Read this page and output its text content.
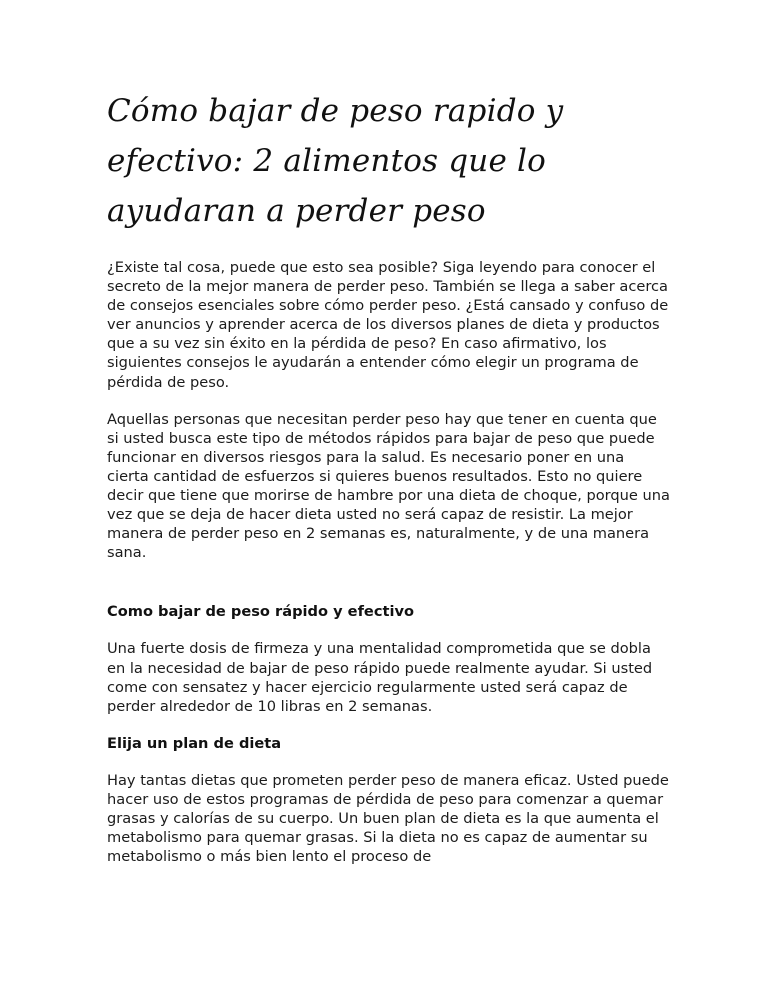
Cómo bajar de peso rapido y efectivo: 2 alimentos que lo ayudaran a perder peso

¿Existe tal cosa, puede que esto sea posible? Siga leyendo para conocer el secreto de la mejor manera de perder peso. También se llega a saber acerca de consejos esenciales sobre cómo perder peso. ¿Está cansado y confuso de ver anuncios y aprender acerca de los diversos planes de dieta y productos que a su vez sin éxito en la pérdida de peso? En caso afirmativo, los siguientes consejos le ayudarán a entender cómo elegir un programa de pérdida de peso.

Aquellas personas que necesitan perder peso hay que tener en cuenta que si usted busca este tipo de métodos rápidos para bajar de peso que puede funcionar en diversos riesgos para la salud. Es necesario poner en una cierta cantidad de esfuerzos si quieres buenos resultados. Esto no quiere decir que tiene que morirse de hambre por una dieta de choque, porque una vez que se deja de hacer dieta usted no será capaz de resistir. La mejor manera de perder peso en 2 semanas es, naturalmente, y de una manera sana.

Como bajar de peso rápido y efectivo

Una fuerte dosis de firmeza y una mentalidad comprometida que se dobla en la necesidad de bajar de peso rápido puede realmente ayudar. Si usted come con sensatez y hacer ejercicio regularmente usted será capaz de perder alrededor de 10 libras en 2 semanas.

Elija un plan de dieta

Hay tantas dietas que prometen perder peso de manera eficaz. Usted puede hacer uso de estos programas de pérdida de peso para comenzar a quemar grasas y calorías de su cuerpo. Un buen plan de dieta es la que aumenta el metabolismo para quemar grasas. Si la dieta no es capaz de aumentar su metabolismo o más bien lento el proceso de
